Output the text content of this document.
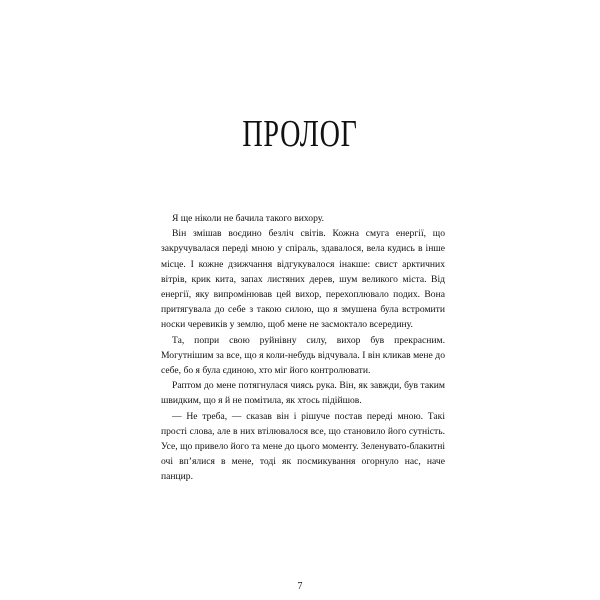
ПРОЛОГ

Я ще ніколи не бачила такого вихору.

Він змішав воєдино безліч світів. Кожна смуга енергії, що закручувалася переді мною у спіраль, здавалося, вела кудись в інше місце. І кожне дзижчання відгукувалося інакше: свист арктичних вітрів, крик кита, запах листяних дерев, шум великого міста. Від енергії, яку випромінював цей вихор, перехоплювало подих. Вона притягувала до себе з такою силою, що я змушена була встромити носки черевиків у землю, щоб мене не засмоктало всередину.

Та, попри свою руйнівну силу, вихор був прекрасним. Могутнішим за все, що я коли-небудь відчувала. І він кликав мене до себе, бо я була єдиною, хто міг його контролювати.

Раптом до мене потягнулася чиясь рука. Він, як завжди, був таким швидким, що я й не помітила, як хтось підійшов.

— Не треба, — сказав він і рішуче постав переді мною. Такі прості слова, але в них втілювалося все, що становило його сутність. Усе, що привело його та мене до цього моменту. Зеленувато-блакитні очі вп’ялися в мене, тоді як посмикування огорнуло нас, наче панцир.

7
